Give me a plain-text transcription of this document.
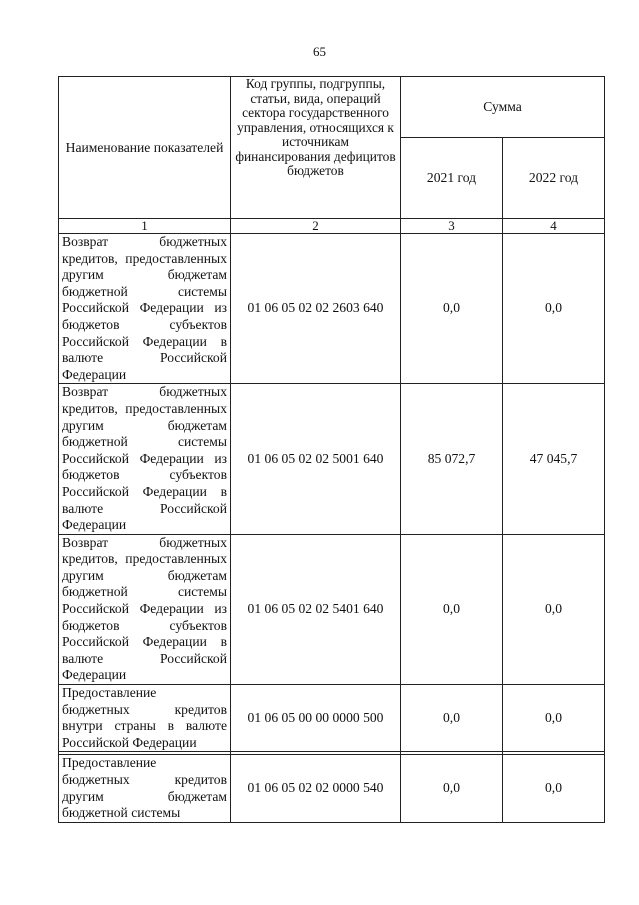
65
Наименование показателей	Код группы, подгруппы, статьи, вида, операций сектора государственного управления, относящихся к источникам финансирования дефицитов бюджетов	Сумма	
		2021 год	2022 год
1	2	3	4
Возврат бюджетных кредитов, предоставленных другим бюджетам бюджетной системы Российской Федерации из бюджетов субъектов Российской Федерации в валюте Российской Федерации	01 06 05 02 02 2603 640	0,0	0,0
Возврат бюджетных кредитов, предоставленных другим бюджетам бюджетной системы Российской Федерации из бюджетов субъектов Российской Федерации в валюте Российской Федерации	01 06 05 02 02 5001 640	85 072,7	47 045,7
Возврат бюджетных кредитов, предоставленных другим бюджетам бюджетной системы Российской Федерации из бюджетов субъектов Российской Федерации в валюте Российской Федерации	01 06 05 02 02 5401 640	0,0	0,0
Предоставление бюджетных кредитов внутри страны в валюте Российской Федерации	01 06 05 00 00 0000 500	0,0	0,0

Предоставление бюджетных кредитов другим бюджетам бюджетной системы	01 06 05 02 02 0000 540	0,0	0,0
